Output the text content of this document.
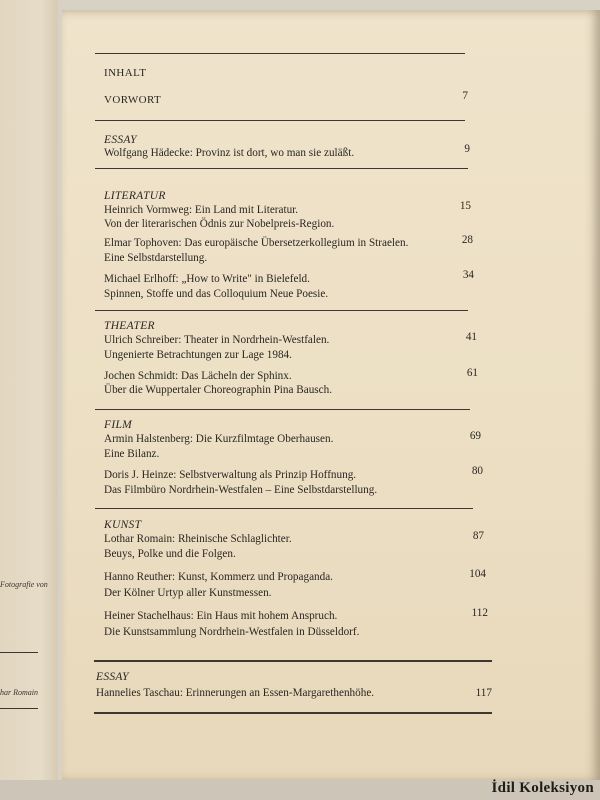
Fotografie von
har Romain
INHALT
VORWORT	7
ESSAY
Wolfgang Hädecke: Provinz ist dort, wo man sie zuläßt.	9
LITERATUR
Heinrich Vormweg: Ein Land mit Literatur.	15
Von der literarischen Ödnis zur Nobelpreis-Region.
Elmar Tophoven: Das europäische Übersetzerkollegium in Straelen.	28
Eine Selbstdarstellung.
Michael Erlhoff: „How to Write" in Bielefeld.	34
Spinnen, Stoffe und das Colloquium Neue Poesie.
THEATER
Ulrich Schreiber: Theater in Nordrhein-Westfalen.	41
Ungenierte Betrachtungen zur Lage 1984.
Jochen Schmidt: Das Lächeln der Sphinx.	61
Über die Wuppertaler Choreographin Pina Bausch.
FILM
Armin Halstenberg: Die Kurzfilmtage Oberhausen.	69
Eine Bilanz.
Doris J. Heinze: Selbstverwaltung als Prinzip Hoffnung.	80
Das Filmbüro Nordrhein-Westfalen – Eine Selbstdarstellung.
KUNST
Lothar Romain: Rheinische Schlaglichter.	87
Beuys, Polke und die Folgen.
Hanno Reuther: Kunst, Kommerz und Propaganda.	104
Der Kölner Urtyp aller Kunstmessen.
Heiner Stachelhaus: Ein Haus mit hohem Anspruch.	112
Die Kunstsammlung Nordrhein-Westfalen in Düsseldorf.
ESSAY
Hannelies Taschau: Erinnerungen an Essen-Margarethenhöhe.	117
İdil Koleksiyon
